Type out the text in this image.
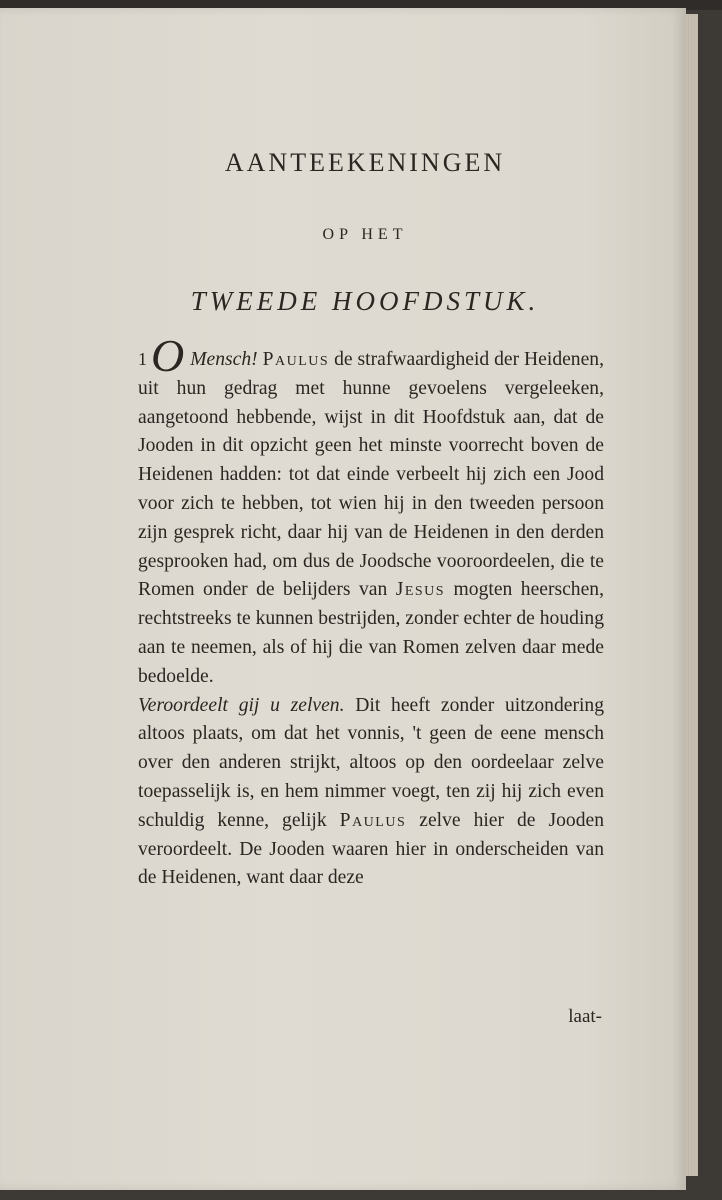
AANTEEKENINGEN
OP HET
TWEEDE HOOFDSTUK.

1O Mensch! Paulus de strafwaardigheid der Heidenen, uit hun gedrag met hunne gevoelens vergeleeken, aangetoond hebbende, wijst in dit Hoofdstuk aan, dat de Jooden in dit opzicht geen het minste voorrecht boven de Heidenen hadden: tot dat einde verbeelt hij zich een Jood voor zich te hebben, tot wien hij in den tweeden persoon zijn gesprek richt, daar hij van de Heidenen in den derden gesprooken had, om dus de Joodsche vooroordeelen, die te Romen onder de belijders van Jesus mogten heerschen, rechtstreeks te kunnen bestrijden, zonder echter de houding aan te neemen, als of hij die van Romen zelven daar mede bedoelde.

Veroordeelt gij u zelven. Dit heeft zonder uitzondering altoos plaats, om dat het vonnis, 't geen de eene mensch over den anderen strijkt, altoos op den oordeelaar zelve toepasselijk is, en hem nimmer voegt, ten zij hij zich even schuldig kenne, gelijk Paulus zelve hier de Jooden veroordeelt. De Jooden waaren hier in onderscheiden van de Heidenen, want daar deze

laat-
